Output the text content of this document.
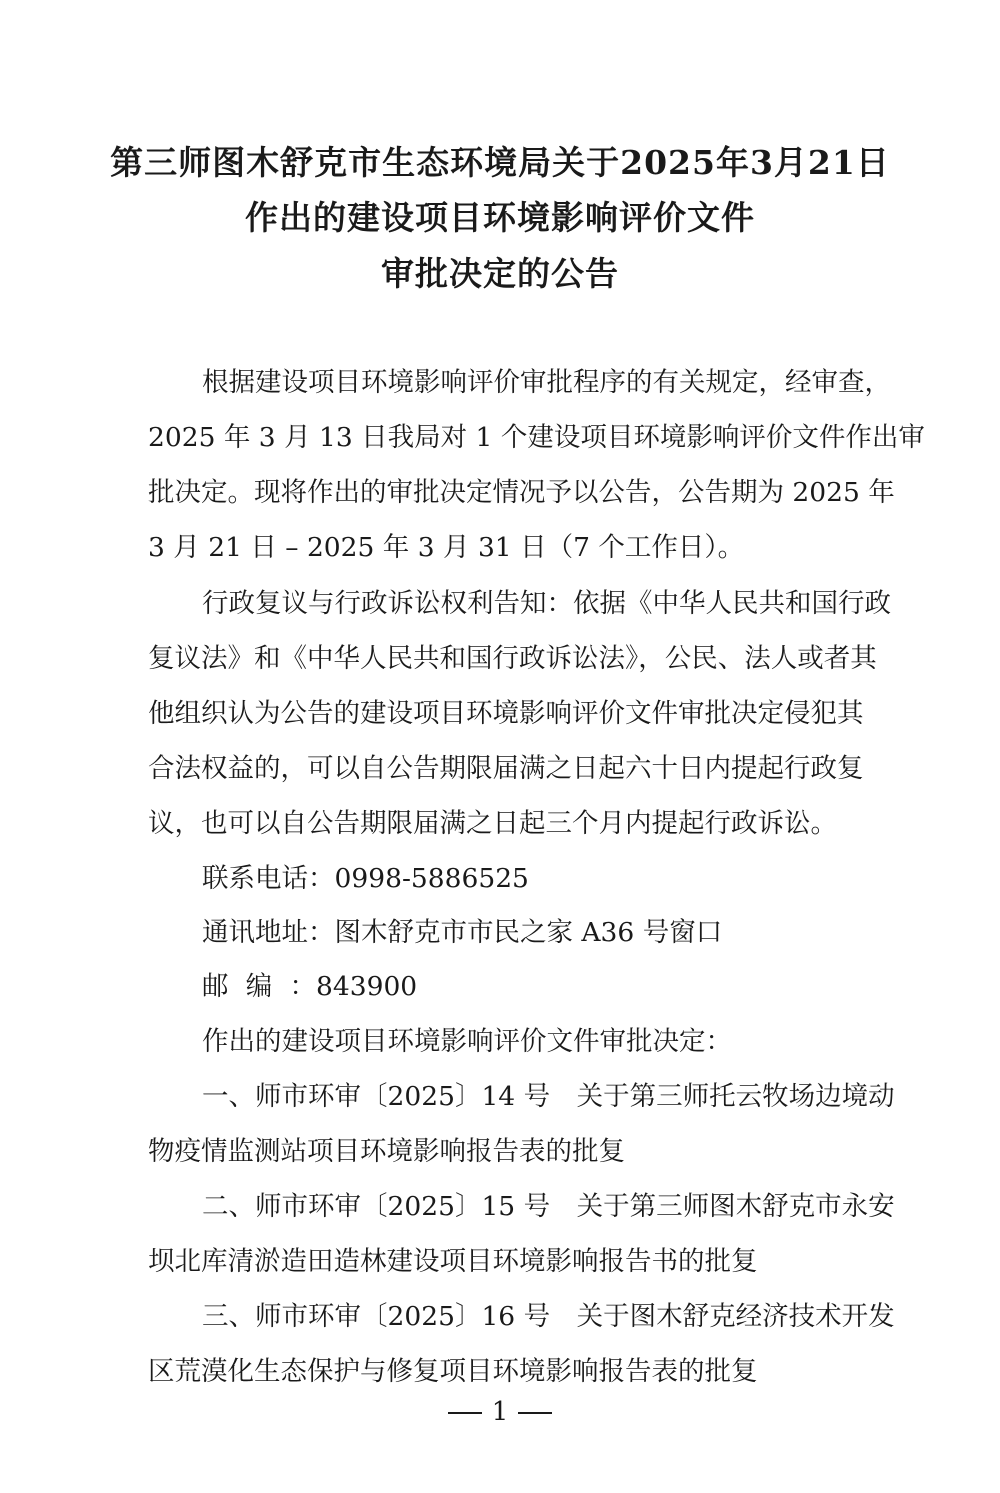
第三师图木舒克市生态环境局关于2025年3月21日
作出的建设项目环境影响评价文件
审批决定的公告
根据建设项目环境影响评价审批程序的有关规定，经审查，
2025 年 3 月 13 日我局对 1 个建设项目环境影响评价文件作出审
批决定。现将作出的审批决定情况予以公告，公告期为 2025 年
3 月 21 日 – 2025 年 3 月 31 日（7 个工作日）。
行政复议与行政诉讼权利告知：依据《中华人民共和国行政
复议法》和《中华人民共和国行政诉讼法》，公民、法人或者其
他组织认为公告的建设项目环境影响评价文件审批决定侵犯其
合法权益的，可以自公告期限届满之日起六十日内提起行政复
议，也可以自公告期限届满之日起三个月内提起行政诉讼。
联系电话：0998-5886525
通讯地址：图木舒克市市民之家 A36 号窗口
邮编：843900
作出的建设项目环境影响评价文件审批决定：
一、师市环审〔2025〕14 号　关于第三师托云牧场边境动
物疫情监测站项目环境影响报告表的批复
二、师市环审〔2025〕15 号　关于第三师图木舒克市永安
坝北库清淤造田造林建设项目环境影响报告书的批复
三、师市环审〔2025〕16 号　关于图木舒克经济技术开发
区荒漠化生态保护与修复项目环境影响报告表的批复
1
